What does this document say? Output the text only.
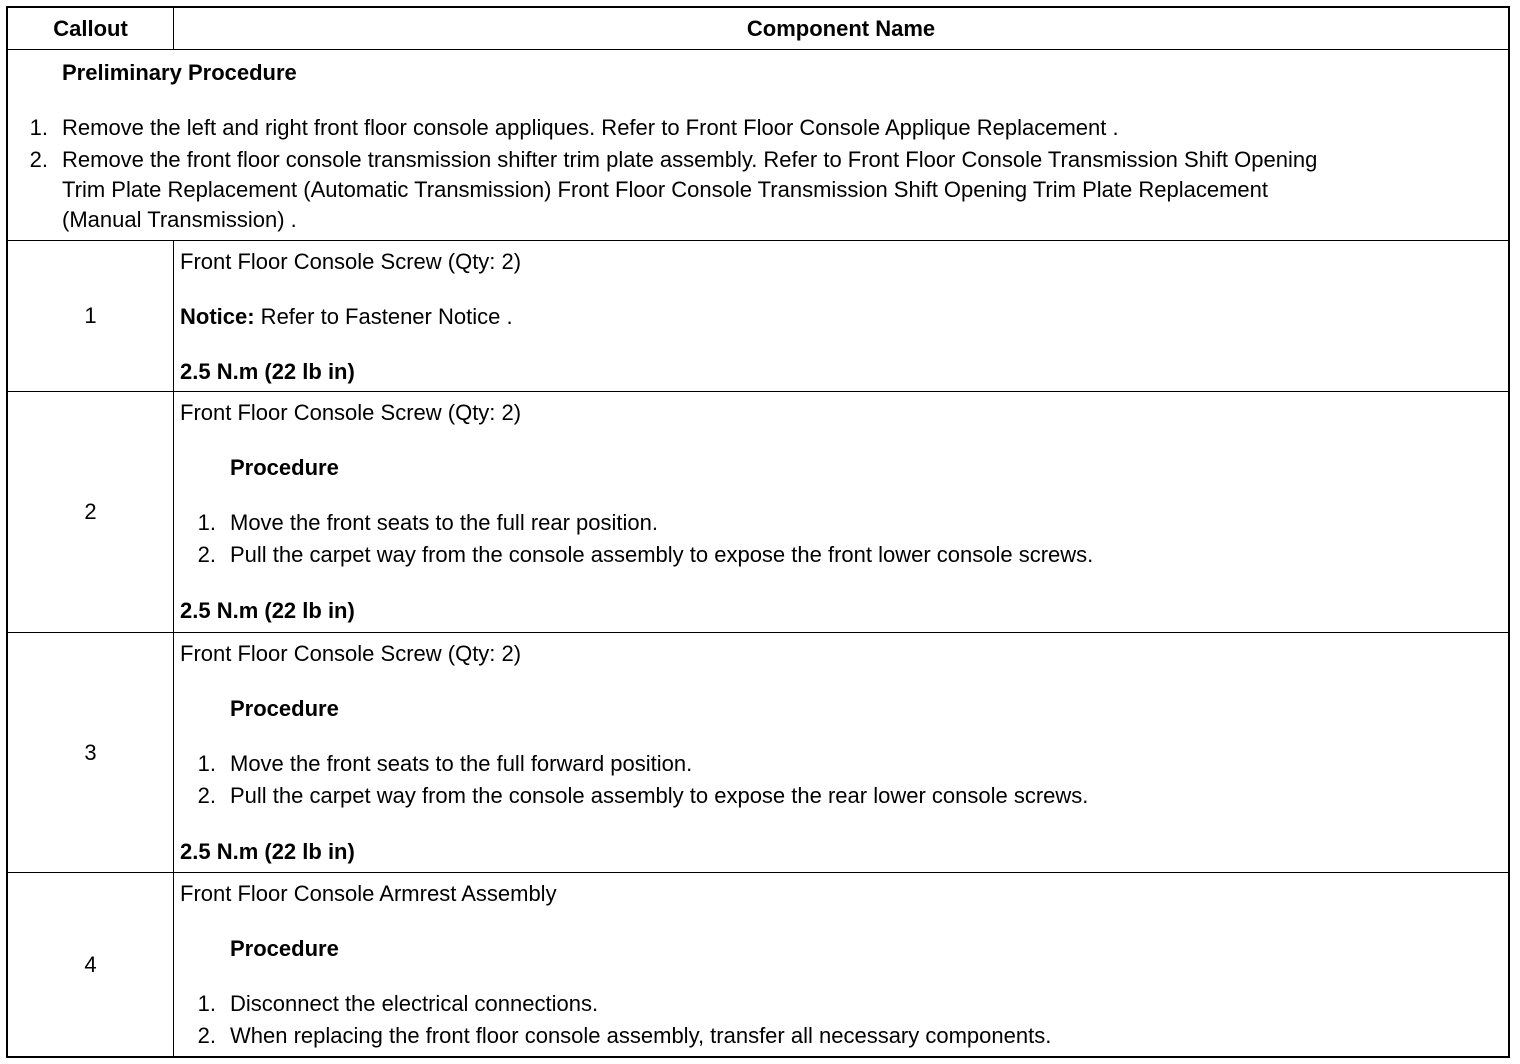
Callout	Component Name
Preliminary Procedure
1. Remove the left and right front floor console appliques. Refer to Front Floor Console Applique Replacement .
2. Remove the front floor console transmission shifter trim plate assembly. Refer to Front Floor Console Transmission Shift Opening
Trim Plate Replacement (Automatic Transmission) Front Floor Console Transmission Shift Opening Trim Plate Replacement
(Manual Transmission) .
1
Front Floor Console Screw (Qty: 2)
Notice: Refer to Fastener Notice .
2.5 N.m (22 lb in)
2
Front Floor Console Screw (Qty: 2)
Procedure
1. Move the front seats to the full rear position.
2. Pull the carpet way from the console assembly to expose the front lower console screws.
2.5 N.m (22 lb in)
3
Front Floor Console Screw (Qty: 2)
Procedure
1. Move the front seats to the full forward position.
2. Pull the carpet way from the console assembly to expose the rear lower console screws.
2.5 N.m (22 lb in)
4
Front Floor Console Armrest Assembly
Procedure
1. Disconnect the electrical connections.
2. When replacing the front floor console assembly, transfer all necessary components.
